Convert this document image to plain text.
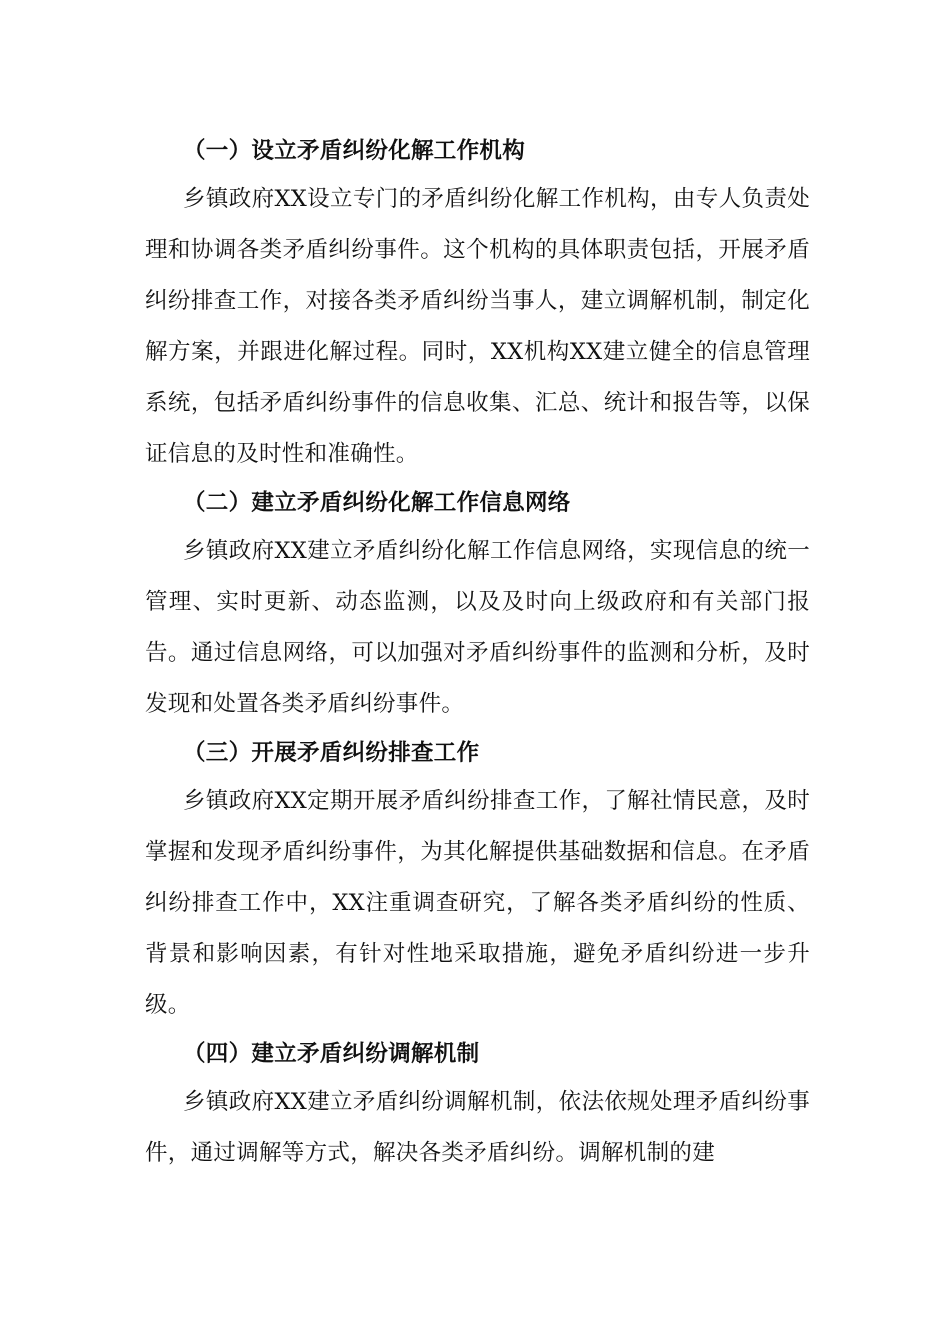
（一）设立矛盾纠纷化解工作机构

乡镇政府XX设立专门的矛盾纠纷化解工作机构，由专人负责处理和协调各类矛盾纠纷事件。这个机构的具体职责包括，开展矛盾纠纷排查工作，对接各类矛盾纠纷当事人，建立调解机制，制定化解方案，并跟进化解过程。同时，XX机构XX建立健全的信息管理系统，包括矛盾纠纷事件的信息收集、汇总、统计和报告等，以保证信息的及时性和准确性。

（二）建立矛盾纠纷化解工作信息网络

乡镇政府XX建立矛盾纠纷化解工作信息网络，实现信息的统一管理、实时更新、动态监测，以及及时向上级政府和有关部门报告。通过信息网络，可以加强对矛盾纠纷事件的监测和分析，及时发现和处置各类矛盾纠纷事件。

（三）开展矛盾纠纷排查工作

乡镇政府XX定期开展矛盾纠纷排查工作，了解社情民意，及时掌握和发现矛盾纠纷事件，为其化解提供基础数据和信息。在矛盾纠纷排查工作中，XX注重调查研究，了解各类矛盾纠纷的性质、背景和影响因素，有针对性地采取措施，避免矛盾纠纷进一步升级。

（四）建立矛盾纠纷调解机制

乡镇政府XX建立矛盾纠纷调解机制，依法依规处理矛盾纠纷事件，通过调解等方式，解决各类矛盾纠纷。调解机制的建
